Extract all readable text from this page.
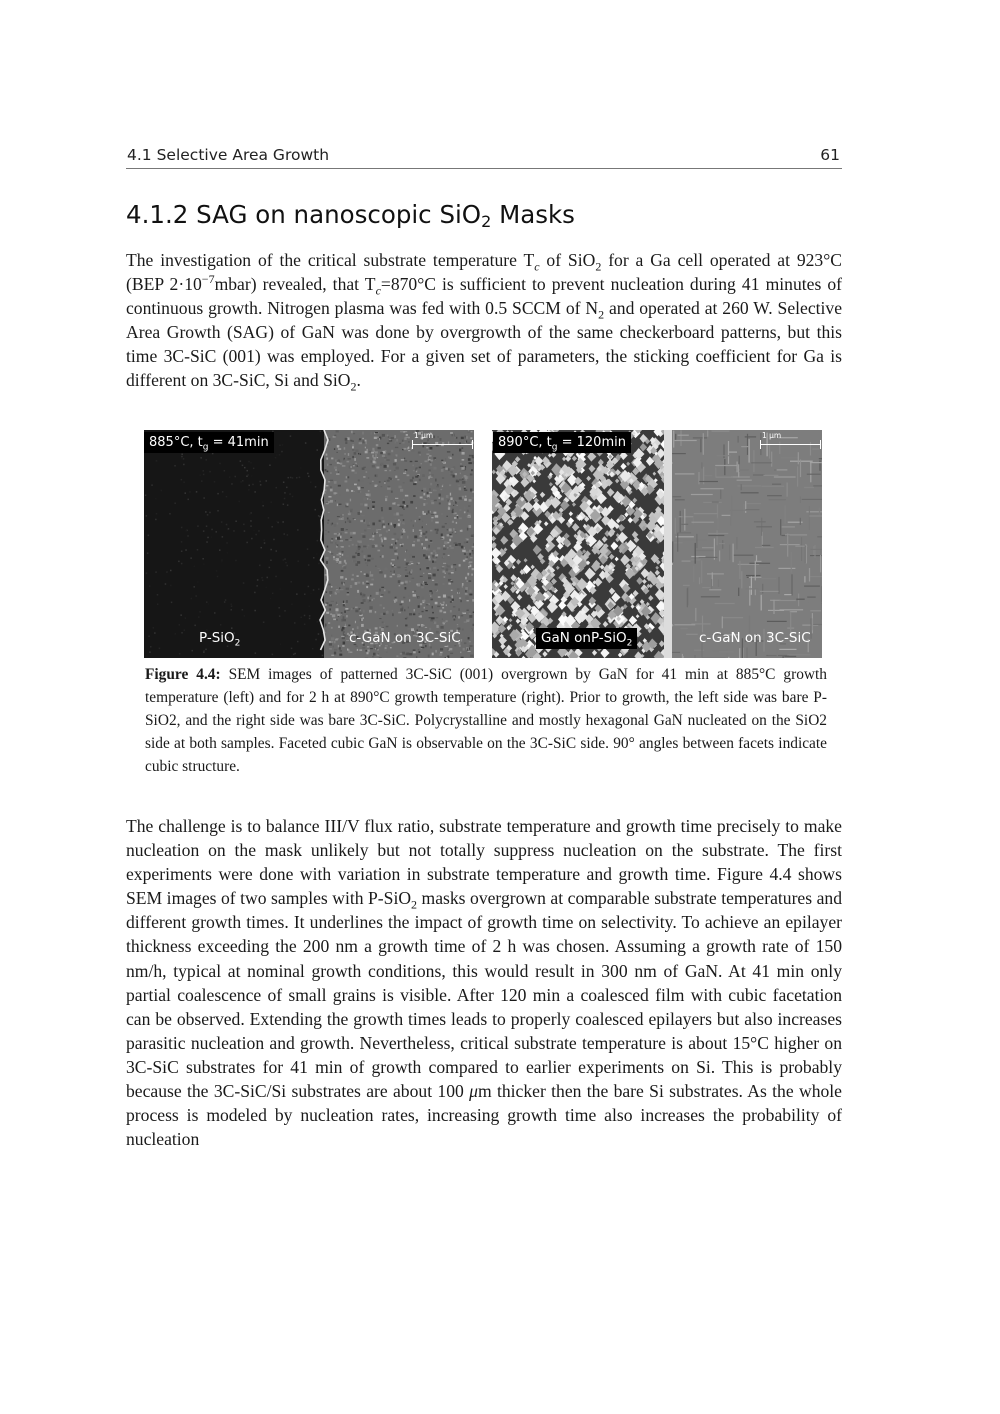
4.1 Selective Area Growth	61
4.1.2 SAG on nanoscopic SiO$_2$ Masks

The investigation of the critical substrate temperature $T_c$ of SiO$_2$ for a Ga cell operated at 923°C (BEP $2\cdot 10^{-7}mbar$) revealed, that $T_c=870^\circ C$ is sufficient to prevent nucleation during 41 minutes of continuous growth. Nitrogen plasma was fed with 0.5 SCCM of $N_2$ and operated at 260 W. Selective Area Growth (SAG) of GaN was done by overgrowth of the same checkerboard patterns, but this time 3C-SiC (001) was employed. For a given set of parameters, the sticking coefficient for Ga is different on 3C-SiC, Si and SiO$_2$.

885°C, $t_g = 41\min$	1 µm
P-SiO$_2$	c-GaN on 3C-SiC
890°C, $t_g = 120\min$	1 µm
GaN onP-SiO$_2$	c-GaN on 3C-SiC

Figure 4.4: SEM images of patterned 3C-SiC (001) overgrown by GaN for 41 min at 885°C growth temperature (left) and for 2 h at 890°C growth temperature (right). Prior to growth, the left side was bare P-SiO2, and the right side was bare 3C-SiC. Polycrystalline and mostly hexagonal GaN nucleated on the SiO2 side at both samples. Faceted cubic GaN is observable on the 3C-SiC side. 90° angles between facets indicate cubic structure.

The challenge is to balance III/V flux ratio, substrate temperature and growth time precisely to make nucleation on the mask unlikely but not totally suppress nucleation on the substrate. The first experiments were done with variation in substrate temperature and growth time. Figure 4.4 shows SEM images of two samples with P-SiO$_2$ masks overgrown at comparable substrate temperatures and different growth times. It underlines the impact of growth time on selectivity. To achieve an epilayer thickness exceeding the 200 nm a growth time of 2 h was chosen. Assuming a growth rate of 150 nm/h, typical at nominal growth conditions, this would result in 300 nm of GaN. At 41 min only partial coalescence of small grains is visible. After 120 min a coalesced film with cubic facetation can be observed. Extending the growth times leads to properly coalesced epilayers but also increases parasitic nucleation and growth. Nevertheless, critical substrate temperature is about 15°C higher on 3C-SiC substrates for 41 min of growth compared to earlier experiments on Si. This is probably because the 3C-SiC/Si substrates are about 100 μm thicker then the bare Si substrates. As the whole process is modeled by nucleation rates, increasing growth time also increases the probability of nucleation
